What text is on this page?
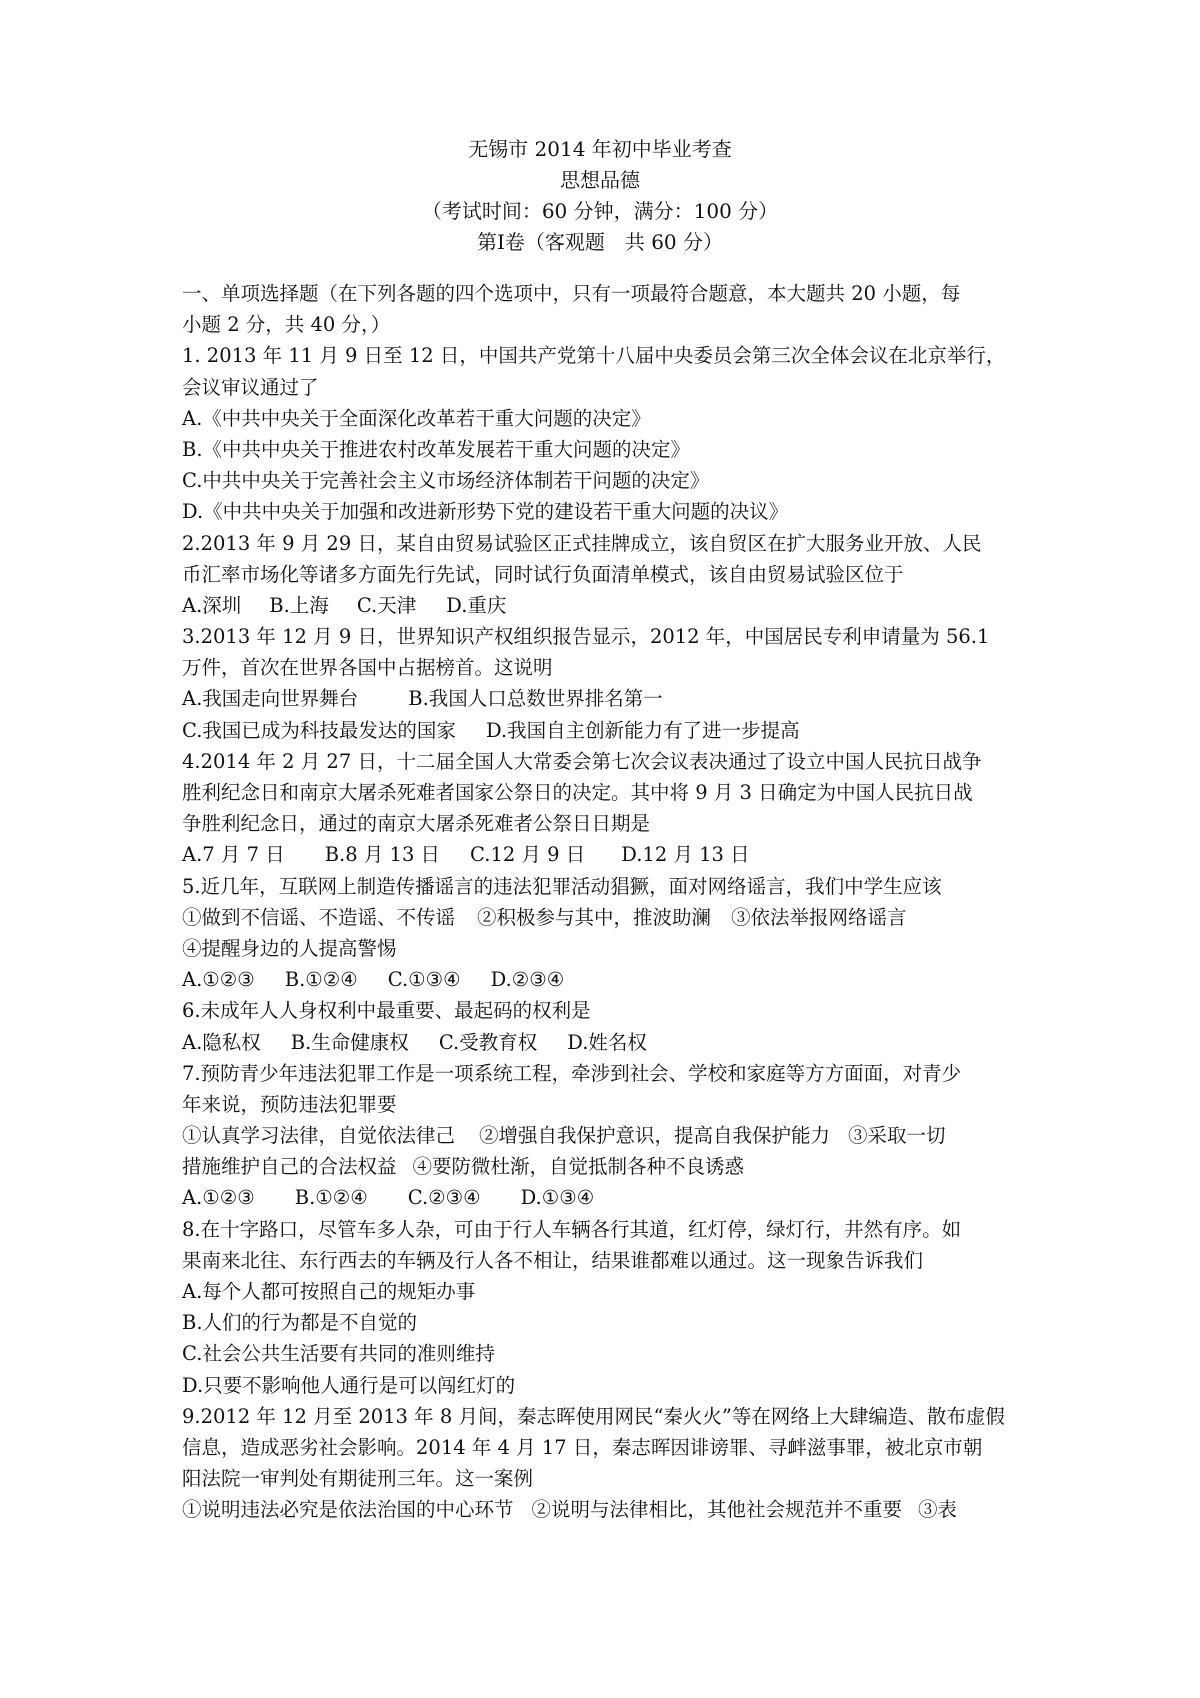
无锡市 2014 年初中毕业考查
思想品德
（考试时间：60 分钟，满分：100 分）
第Ⅰ卷（客观题　共 60 分）
一、单项选择题（在下列各题的四个选项中，只有一项最符合题意，本大题共 20 小题，每
小题 2 分，共 40 分，）
1. 2013 年 11 月 9 日至 12 日，中国共产党第十八届中央委员会第三次全体会议在北京举行，
会议审议通过了
A.《中共中央关于全面深化改革若干重大问题的决定》
B.《中共中央关于推进农村改革发展若干重大问题的决定》
C.中共中央关于完善社会主义市场经济体制若干问题的决定》
D.《中共中央关于加强和改进新形势下党的建设若干重大问题的决议》
2.2013 年 9 月 29 日，某自由贸易试验区正式挂牌成立，该自贸区在扩大服务业开放、人民
币汇率市场化等诸多方面先行先试，同时试行负面清单模式，该自由贸易试验区位于
A.深圳 B.上海 C.天津 D.重庆
3.2013 年 12 月 9 日，世界知识产权组织报告显示，2012 年，中国居民专利申请量为 56.1
万件，首次在世界各国中占据榜首。这说明
A.我国走向世界舞台	B.我国人口总数世界排名第一
C.我国已成为科技最发达的国家 D.我国自主创新能力有了进一步提高
4.2014 年 2 月 27 日，十二届全国人大常委会第七次会议表决通过了设立中国人民抗日战争
胜利纪念日和南京大屠杀死难者国家公祭日的决定。其中将 9 月 3 日确定为中国人民抗日战
争胜利纪念日，通过的南京大屠杀死难者公祭日日期是
A.7 月 7 日 B.8 月 13 日 C.12 月 9 日 D.12 月 13 日
5.近几年，互联网上制造传播谣言的违法犯罪活动猖獗，面对网络谣言，我们中学生应该
①做到不信谣、不造谣、不传谣 ②积极参与其中，推波助澜 ③依法举报网络谣言
④提醒身边的人提高警惕
A.①②③ B.①②④ C.①③④ D.②③④
6.未成年人人身权利中最重要、最起码的权利是
A.隐私权 B.生命健康权 C.受教育权 D.姓名权
7.预防青少年违法犯罪工作是一项系统工程，牵涉到社会、学校和家庭等方方面面，对青少
年来说，预防违法犯罪要
①认真学习法律，自觉依法律己 ②增强自我保护意识，提高自我保护能力 ③采取一切
措施维护自己的合法权益 ④要防微杜渐，自觉抵制各种不良诱惑
A.①②③ B.①②④ C.②③④ D.①③④
8.在十字路口，尽管车多人杂，可由于行人车辆各行其道，红灯停，绿灯行，井然有序。如
果南来北往、东行西去的车辆及行人各不相让，结果谁都难以通过。这一现象告诉我们
A.每个人都可按照自己的规矩办事
B.人们的行为都是不自觉的
C.社会公共生活要有共同的准则维持
D.只要不影响他人通行是可以闯红灯的
9.2012 年 12 月至 2013 年 8 月间，秦志晖使用网民“秦火火”等在网络上大肆编造、散布虚假
信息，造成恶劣社会影响。2014 年 4 月 17 日，秦志晖因诽谤罪、寻衅滋事罪，被北京市朝
阳法院一审判处有期徒刑三年。这一案例
①说明违法必究是依法治国的中心环节 ②说明与法律相比，其他社会规范并不重要 ③表
